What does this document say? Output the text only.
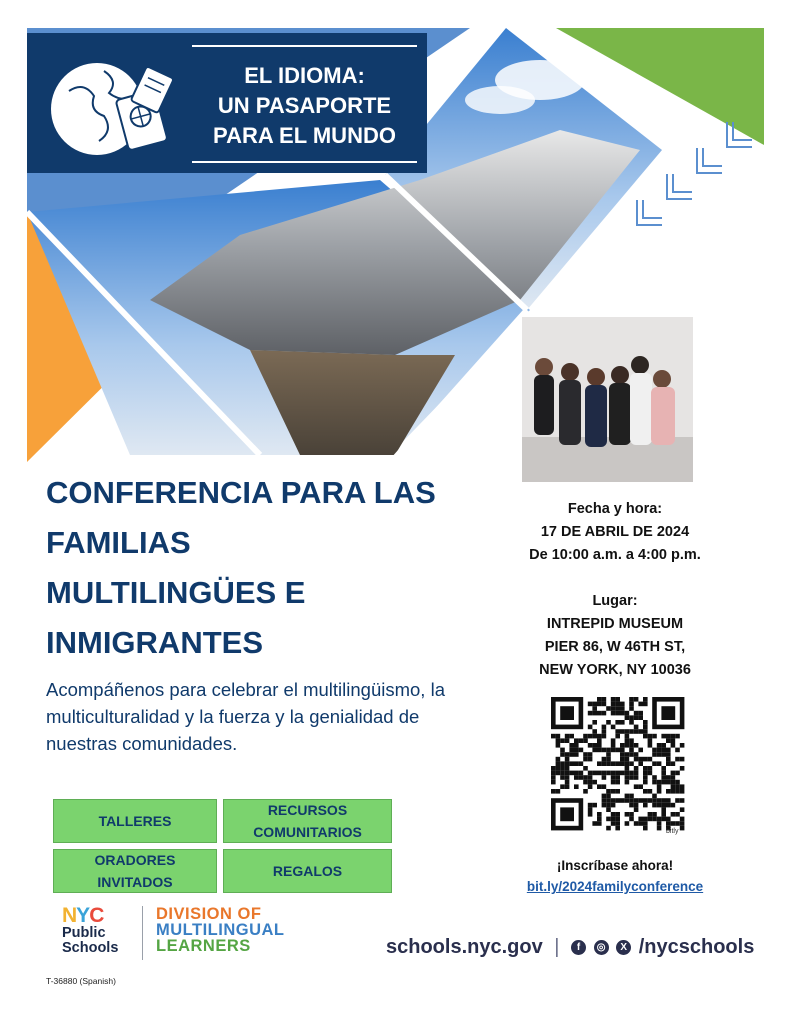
EL IDIOMA:
UN PASAPORTE
PARA EL MUNDO
CONFERENCIA PARA LAS
FAMILIAS
MULTILINGÜES E
INMIGRANTES
Acompáñenos para celebrar el multilingüismo, la multiculturalidad y la fuerza y la genialidad de nuestras comunidades.
TALLERES
RECURSOS
COMUNITARIOS
ORADORES
INVITADOS
REGALOS
Fecha y hora:
17 DE ABRIL DE 2024
De 10:00 a.m. a 4:00 p.m.
Lugar:
INTREPID MUSEUM
PIER 86, W 46TH ST,
NEW YORK, NY 10036
bitly
¡Inscríbase ahora!
bit.ly/2024familyconference
NYC
Public
Schools
DIVISION OF
MULTILINGUAL
LEARNERS	schools.nyc.gov | f ◎ X /nycschools
T-36880 (Spanish)
